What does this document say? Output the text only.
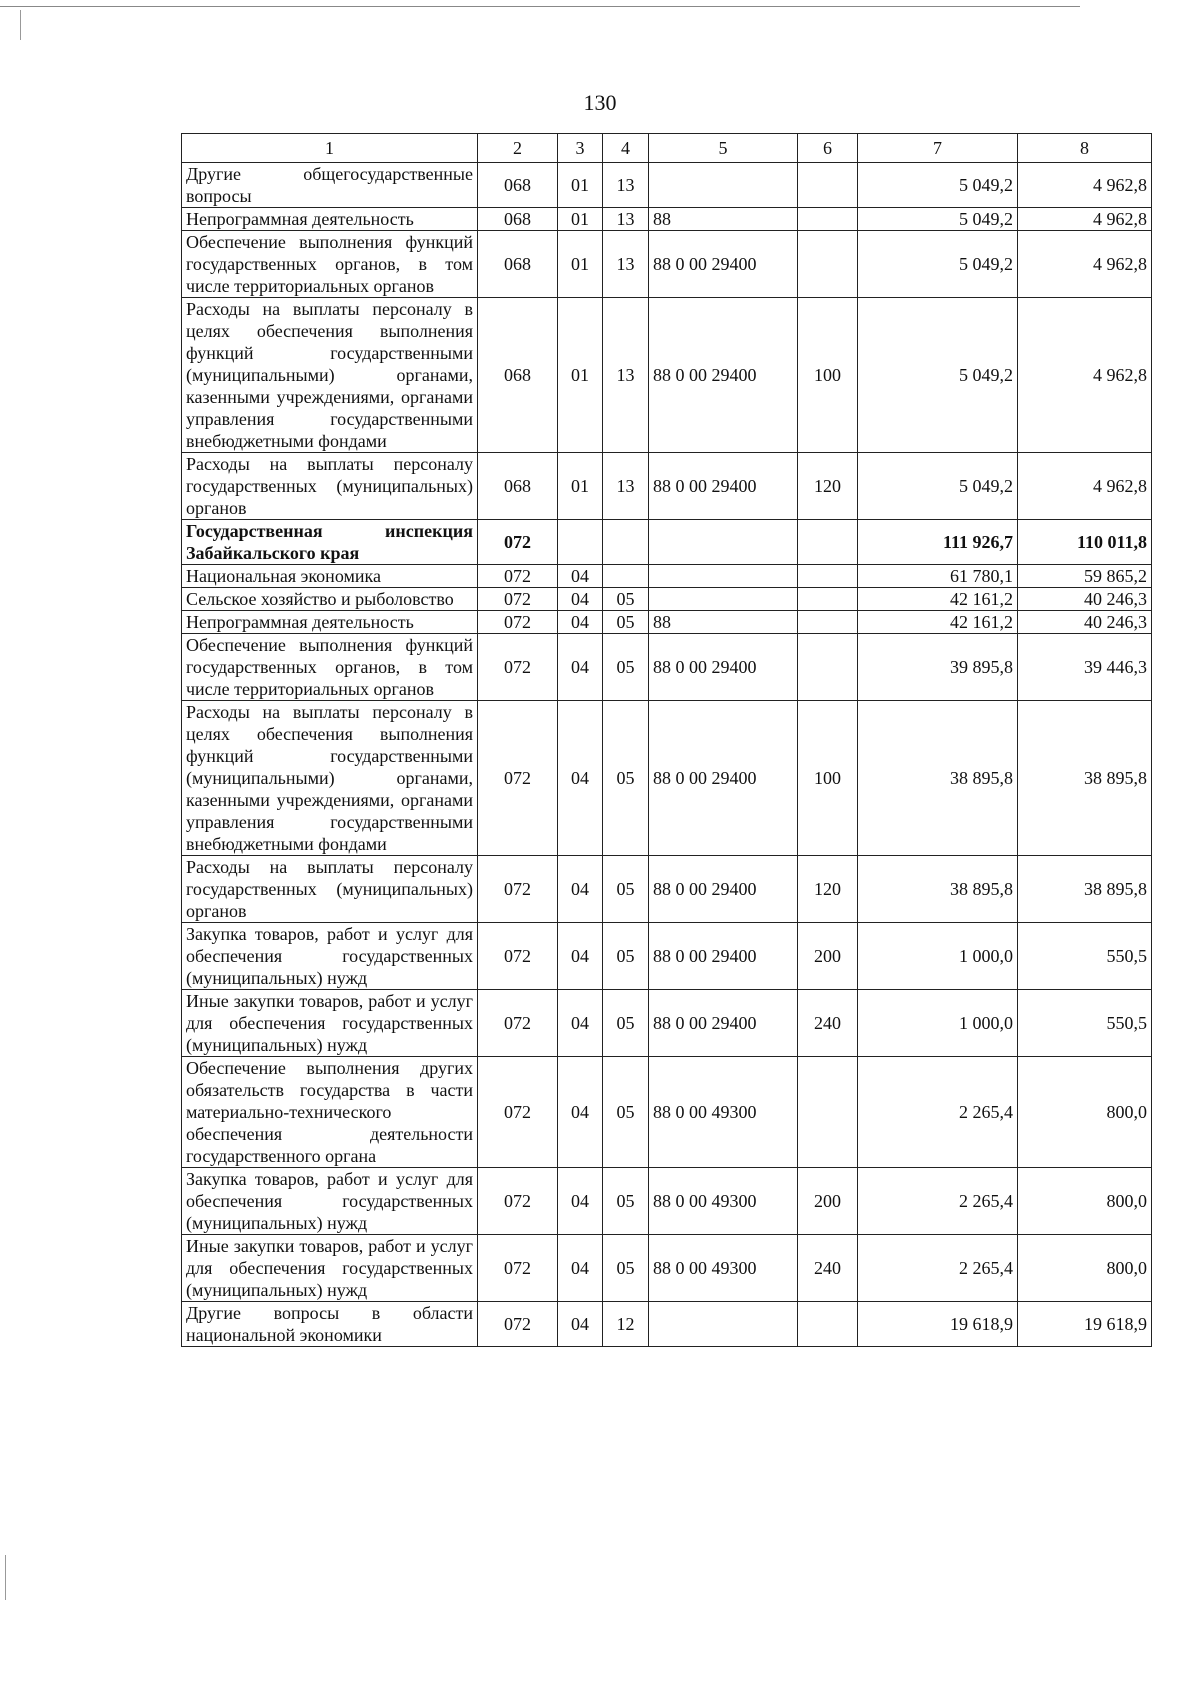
130
1	2	3	4	5	6	7	8
Другие общегосударственные вопросы	068	01	13			5 049,2	4 962,8
Непрограммная деятельность	068	01	13	88		5 049,2	4 962,8
Обеспечение выполнения функций государственных органов, в том числе территориальных органов	068	01	13	88 0 00 29400		5 049,2	4 962,8
Расходы на выплаты персоналу в целях обеспечения выполнения функций государственными (муниципальными) органами, казенными учреждениями, органами управления государственными внебюджетными фондами	068	01	13	88 0 00 29400	100	5 049,2	4 962,8
Расходы на выплаты персоналу государственных (муниципальных) органов	068	01	13	88 0 00 29400	120	5 049,2	4 962,8
Государственная инспекция Забайкальского края	072					111 926,7	110 011,8
Национальная экономика	072	04				61 780,1	59 865,2
Сельское хозяйство и рыболовство	072	04	05			42 161,2	40 246,3
Непрограммная деятельность	072	04	05	88		42 161,2	40 246,3
Обеспечение выполнения функций государственных органов, в том числе территориальных органов	072	04	05	88 0 00 29400		39 895,8	39 446,3
Расходы на выплаты персоналу в целях обеспечения выполнения функций государственными (муниципальными) органами, казенными учреждениями, органами управления государственными внебюджетными фондами	072	04	05	88 0 00 29400	100	38 895,8	38 895,8
Расходы на выплаты персоналу государственных (муниципальных) органов	072	04	05	88 0 00 29400	120	38 895,8	38 895,8
Закупка товаров, работ и услуг для обеспечения государственных (муниципальных) нужд	072	04	05	88 0 00 29400	200	1 000,0	550,5
Иные закупки товаров, работ и услуг для обеспечения государственных (муниципальных) нужд	072	04	05	88 0 00 29400	240	1 000,0	550,5
Обеспечение выполнения других обязательств государства в части материально-технического обеспечения деятельности государственного органа	072	04	05	88 0 00 49300		2 265,4	800,0
Закупка товаров, работ и услуг для обеспечения государственных (муниципальных) нужд	072	04	05	88 0 00 49300	200	2 265,4	800,0
Иные закупки товаров, работ и услуг для обеспечения государственных (муниципальных) нужд	072	04	05	88 0 00 49300	240	2 265,4	800,0
Другие вопросы в области национальной экономики	072	04	12			19 618,9	19 618,9
